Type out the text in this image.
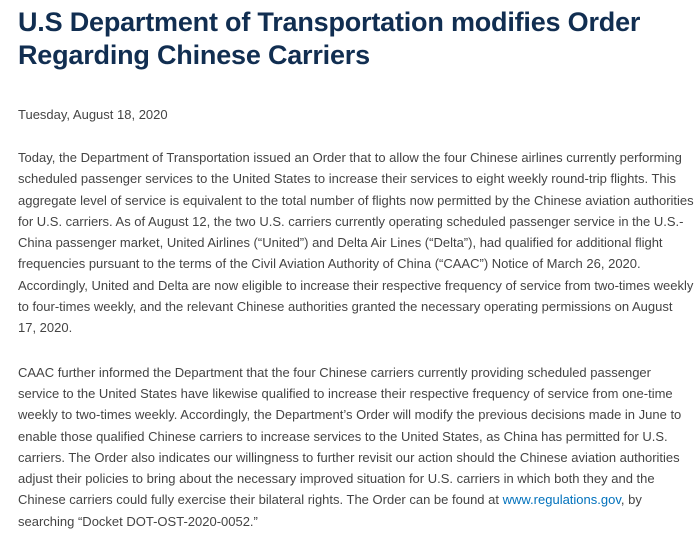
U.S Department of Transportation modifies Order Regarding Chinese Carriers

Tuesday, August 18, 2020

Today, the Department of Transportation issued an Order that to allow the four Chinese airlines currently performing scheduled passenger services to the United States to increase their services to eight weekly round-trip flights. This aggregate level of service is equivalent to the total number of flights now permitted by the Chinese aviation authorities for U.S. carriers. As of August 12, the two U.S. carriers currently operating scheduled passenger service in the U.S.-China passenger market, United Airlines (“United”) and Delta Air Lines (“Delta”), had qualified for additional flight frequencies pursuant to the terms of the Civil Aviation Authority of China (“CAAC”) Notice of March 26, 2020. Accordingly, United and Delta are now eligible to increase their respective frequency of service from two-times weekly to four-times weekly, and the relevant Chinese authorities granted the necessary operating permissions on August 17, 2020.

CAAC further informed the Department that the four Chinese carriers currently providing scheduled passenger service to the United States have likewise qualified to increase their respective frequency of service from one-time weekly to two-times weekly. Accordingly, the Department’s Order will modify the previous decisions made in June to enable those qualified Chinese carriers to increase services to the United States, as China has permitted for U.S. carriers. The Order also indicates our willingness to further revisit our action should the Chinese aviation authorities adjust their policies to bring about the necessary improved situation for U.S. carriers in which both they and the Chinese carriers could fully exercise their bilateral rights. The Order can be found at www.regulations.gov, by searching “Docket DOT-OST-2020-0052.”
